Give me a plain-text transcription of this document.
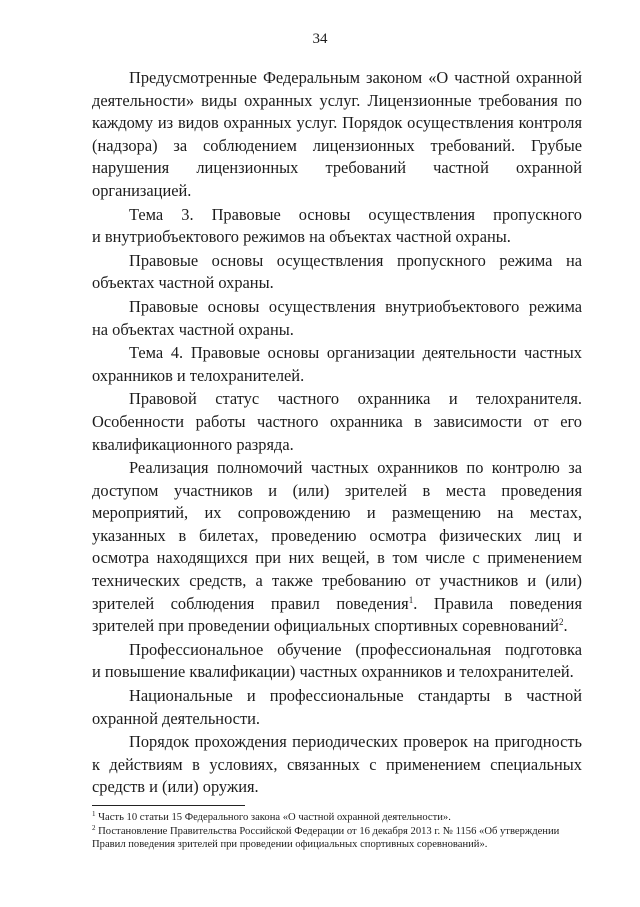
34

Предусмотренные Федеральным законом «О частной охранной деятельности» виды охранных услуг. Лицензионные требования по каждому из видов охранных услуг. Порядок осуществления контроля (надзора) за соблюдением лицензионных требований. Грубые нарушения лицензионных требований частной охранной организацией.

Тема 3. Правовые основы осуществления пропускного

и внутриобъектового режимов на объектах частной охраны.

Правовые основы осуществления пропускного режима на объектах частной охраны.

Правовые основы осуществления внутриобъектового режима

на объектах частной охраны.

Тема 4. Правовые основы организации деятельности частных

охранников и телохранителей.

Правовой статус частного охранника и телохранителя. Особенности работы частного охранника в зависимости от его квалификационного разряда.

Реализация полномочий частных охранников по контролю за доступом участников и (или) зрителей в места проведения мероприятий, их сопровождению и размещению на местах, указанных в билетах, проведению осмотра физических лиц и осмотра находящихся при них вещей, в том числе с применением технических средств, а также требованию от участников и (или) зрителей соблюдения правил поведения$^1$. Правила поведения зрителей при проведении официальных спортивных соревнований$^2$.

Профессиональное обучение (профессиональная подготовка

и повышение квалификации) частных охранников и телохранителей.

Национальные и профессиональные стандарты в частной охранной деятельности.

Порядок прохождения периодических проверок на пригодность к действиям в условиях, связанных с применением специальных средств и (или) оружия.

$^1$ Часть 10 статьи 15 Федерального закона «О частной охранной деятельности».

$^2$ Постановление Правительства Российской Федерации от 16 декабря 2013 г. № 1156 «Об утверждении Правил поведения зрителей при проведении официальных спортивных соревнований».
